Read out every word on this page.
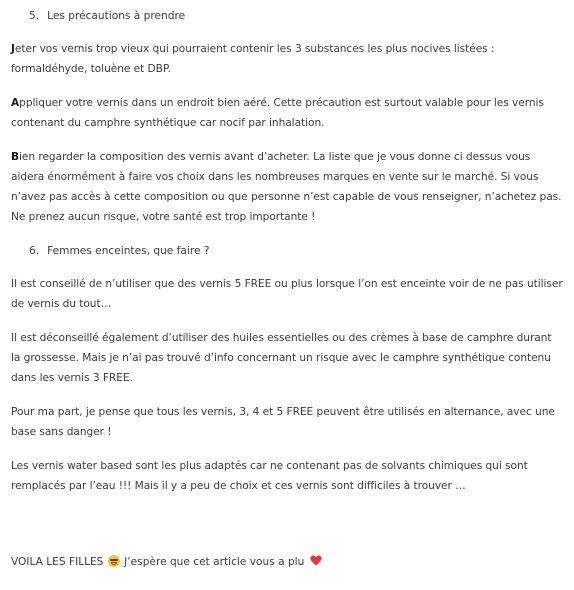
5. Les précautions à prendre

Jeter vos vernis trop vieux qui pourraient contenir les 3 substances les plus nocives listées : formaldéhyde, toluène et DBP.

Appliquer votre vernis dans un endroit bien aéré. Cette précaution est surtout valable pour les vernis contenant du camphre synthétique car nocif par inhalation.

Bien regarder la composition des vernis avant d’acheter. La liste que je vous donne ci dessus vous aidera énormément à faire vos choix dans les nombreuses marques en vente sur le marché. Si vous n’avez pas accès à cette composition ou que personne n’est capable de vous renseigner, n’achetez pas. Ne prenez aucun risque, votre santé est trop importante !

6. Femmes enceintes, que faire ?

Il est conseillé de n’utiliser que des vernis 5 FREE ou plus lorsque l’on est enceinte voir de ne pas utiliser de vernis du tout…

Il est déconseillé également d’utiliser des huiles essentielles ou des crèmes à base de camphre durant la grossesse. Mais je n’ai pas trouvé d’info concernant un risque avec le camphre synthétique contenu dans les vernis 3 FREE.

Pour ma part, je pense que tous les vernis, 3, 4 et 5 FREE peuvent être utilisés en alternance, avec une base sans danger !

Les vernis water based sont les plus adaptés car ne contenant pas de solvants chimiques qui sont remplacés par l’eau !!! Mais il y a peu de choix et ces vernis sont difficiles à trouver …

VOILA LES FILLES J’espère que cet article vous a plu
